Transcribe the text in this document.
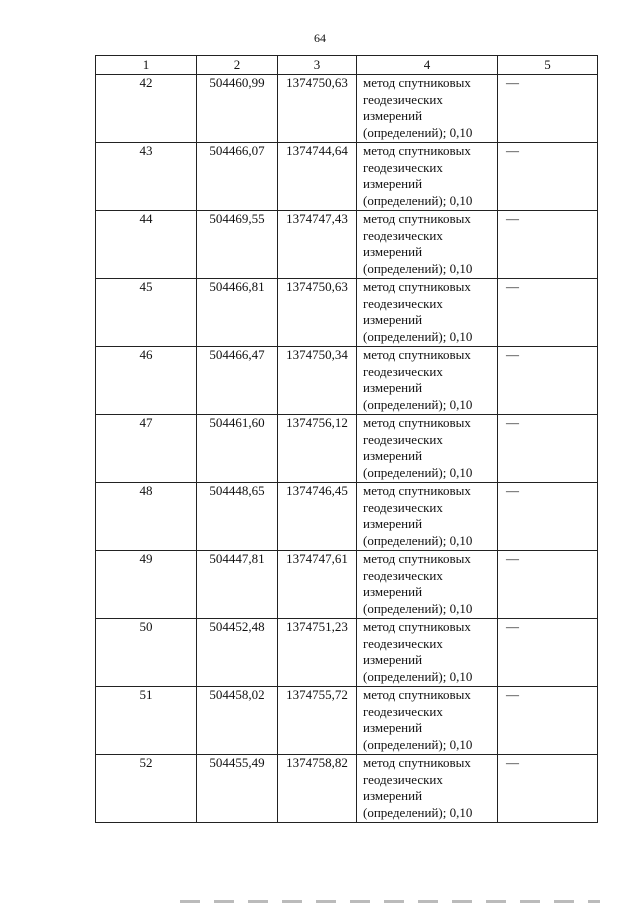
64
1	2	3	4	5
42	504460,99	1374750,63	метод спутниковых
геодезических
измерений
(определений); 0,10	—
43	504466,07	1374744,64	метод спутниковых
геодезических
измерений
(определений); 0,10	—
44	504469,55	1374747,43	метод спутниковых
геодезических
измерений
(определений); 0,10	—
45	504466,81	1374750,63	метод спутниковых
геодезических
измерений
(определений); 0,10	—
46	504466,47	1374750,34	метод спутниковых
геодезических
измерений
(определений); 0,10	—
47	504461,60	1374756,12	метод спутниковых
геодезических
измерений
(определений); 0,10	—
48	504448,65	1374746,45	метод спутниковых
геодезических
измерений
(определений); 0,10	—
49	504447,81	1374747,61	метод спутниковых
геодезических
измерений
(определений); 0,10	—
50	504452,48	1374751,23	метод спутниковых
геодезических
измерений
(определений); 0,10	—
51	504458,02	1374755,72	метод спутниковых
геодезических
измерений
(определений); 0,10	—
52	504455,49	1374758,82	метод спутниковых
геодезических
измерений
(определений); 0,10	—
